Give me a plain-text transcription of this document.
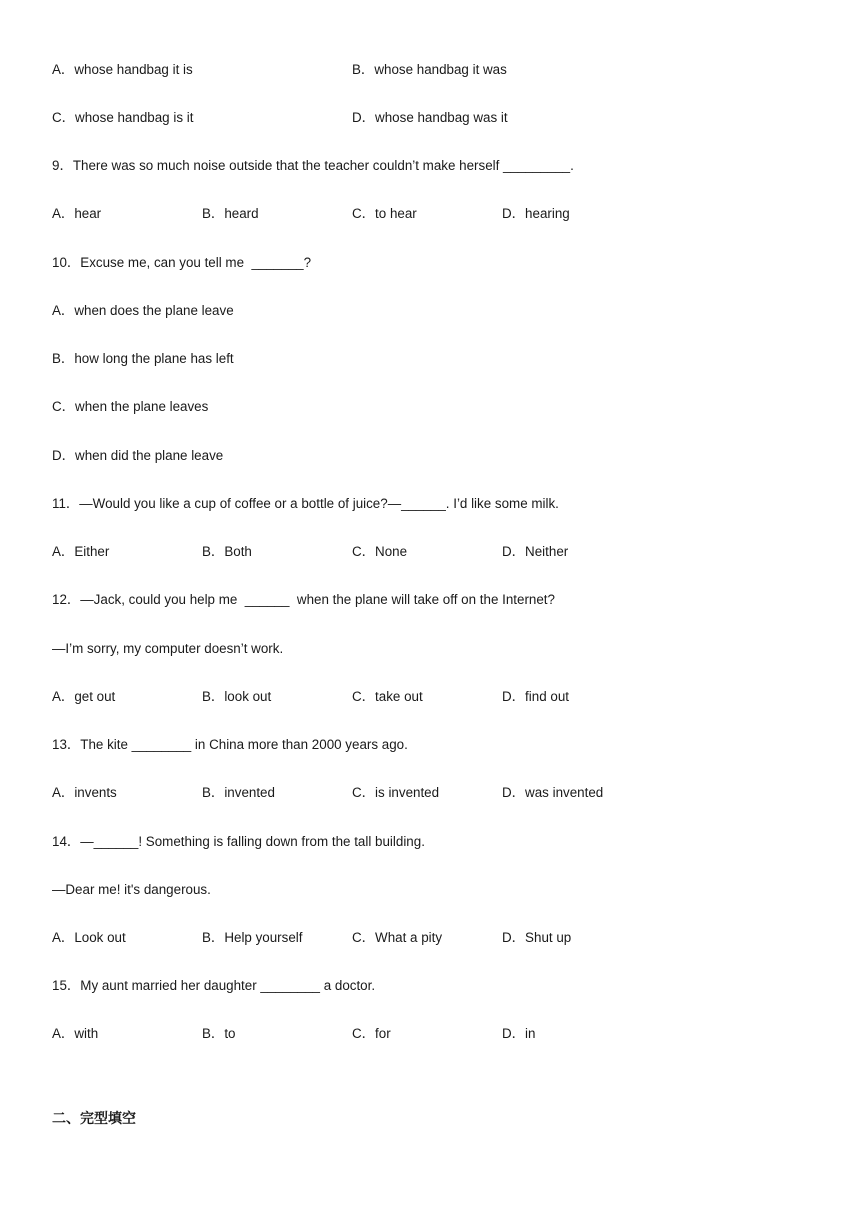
A．whose handbag it is	B．whose handbag it was
C．whose handbag is it	D．whose handbag was it
9．There was so much noise outside that the teacher couldn’t make herself _________.
A．hear	B．heard	C．to hear	D．hearing
10．Excuse me, can you tell me  _______?
A．when does the plane leave
B．how long the plane has left
C．when the plane leaves
D．when did the plane leave
11．—Would you like a cup of coffee or a bottle of juice?—______. I’d like some milk.
A．Either	B．Both	C．None	D．Neither
12．—Jack, could you help me  ______  when the plane will take off on the Internet?
—I’m sorry, my computer doesn’t work.
A．get out	B．look out	C．take out	D．find out
13．The kite ________ in China more than 2000 years ago.
A．invents	B．invented	C．is invented	D．was invented
14．—______! Something is falling down from the tall building.
—Dear me! it's dangerous.
A．Look out	B．Help yourself	C．What a pity	D．Shut up
15．My aunt married her daughter ________ a doctor.
A．with	B．to	C．for	D．in
二、完型填空
